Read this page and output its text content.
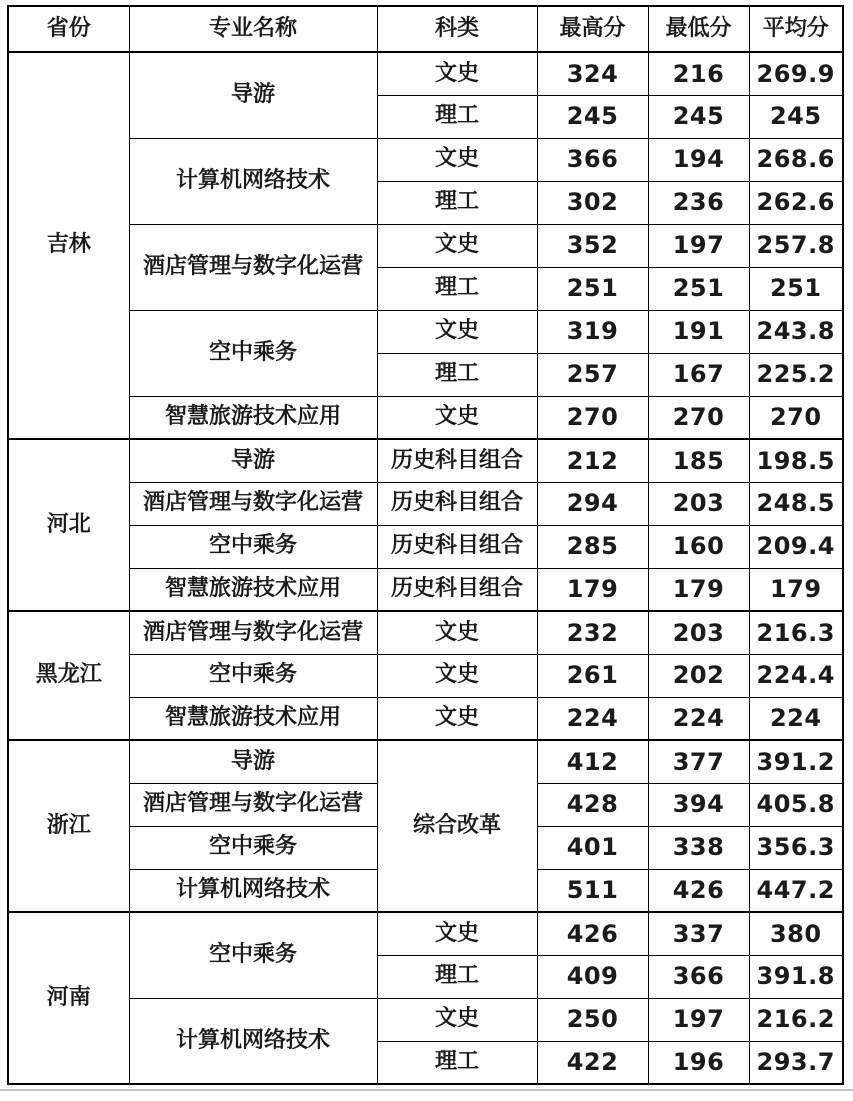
省份	专业名称	科类	最高分	最低分	平均分
吉林	导游	文史	324	216	269.9
		理工	245	245	245
	计算机网络技术	文史	366	194	268.6
		理工	302	236	262.6
	酒店管理与数字化运营	文史	352	197	257.8
		理工	251	251	251
	空中乘务	文史	319	191	243.8
		理工	257	167	225.2
	智慧旅游技术应用	文史	270	270	270
河北	导游	历史科目组合	212	185	198.5
	酒店管理与数字化运营	历史科目组合	294	203	248.5
	空中乘务	历史科目组合	285	160	209.4
	智慧旅游技术应用	历史科目组合	179	179	179
黑龙江	酒店管理与数字化运营	文史	232	203	216.3
	空中乘务	文史	261	202	224.4
	智慧旅游技术应用	文史	224	224	224
浙江	导游	综合改革	412	377	391.2
	酒店管理与数字化运营		428	394	405.8
	空中乘务		401	338	356.3
	计算机网络技术		511	426	447.2
河南	空中乘务	文史	426	337	380
		理工	409	366	391.8
	计算机网络技术	文史	250	197	216.2
		理工	422	196	293.7
